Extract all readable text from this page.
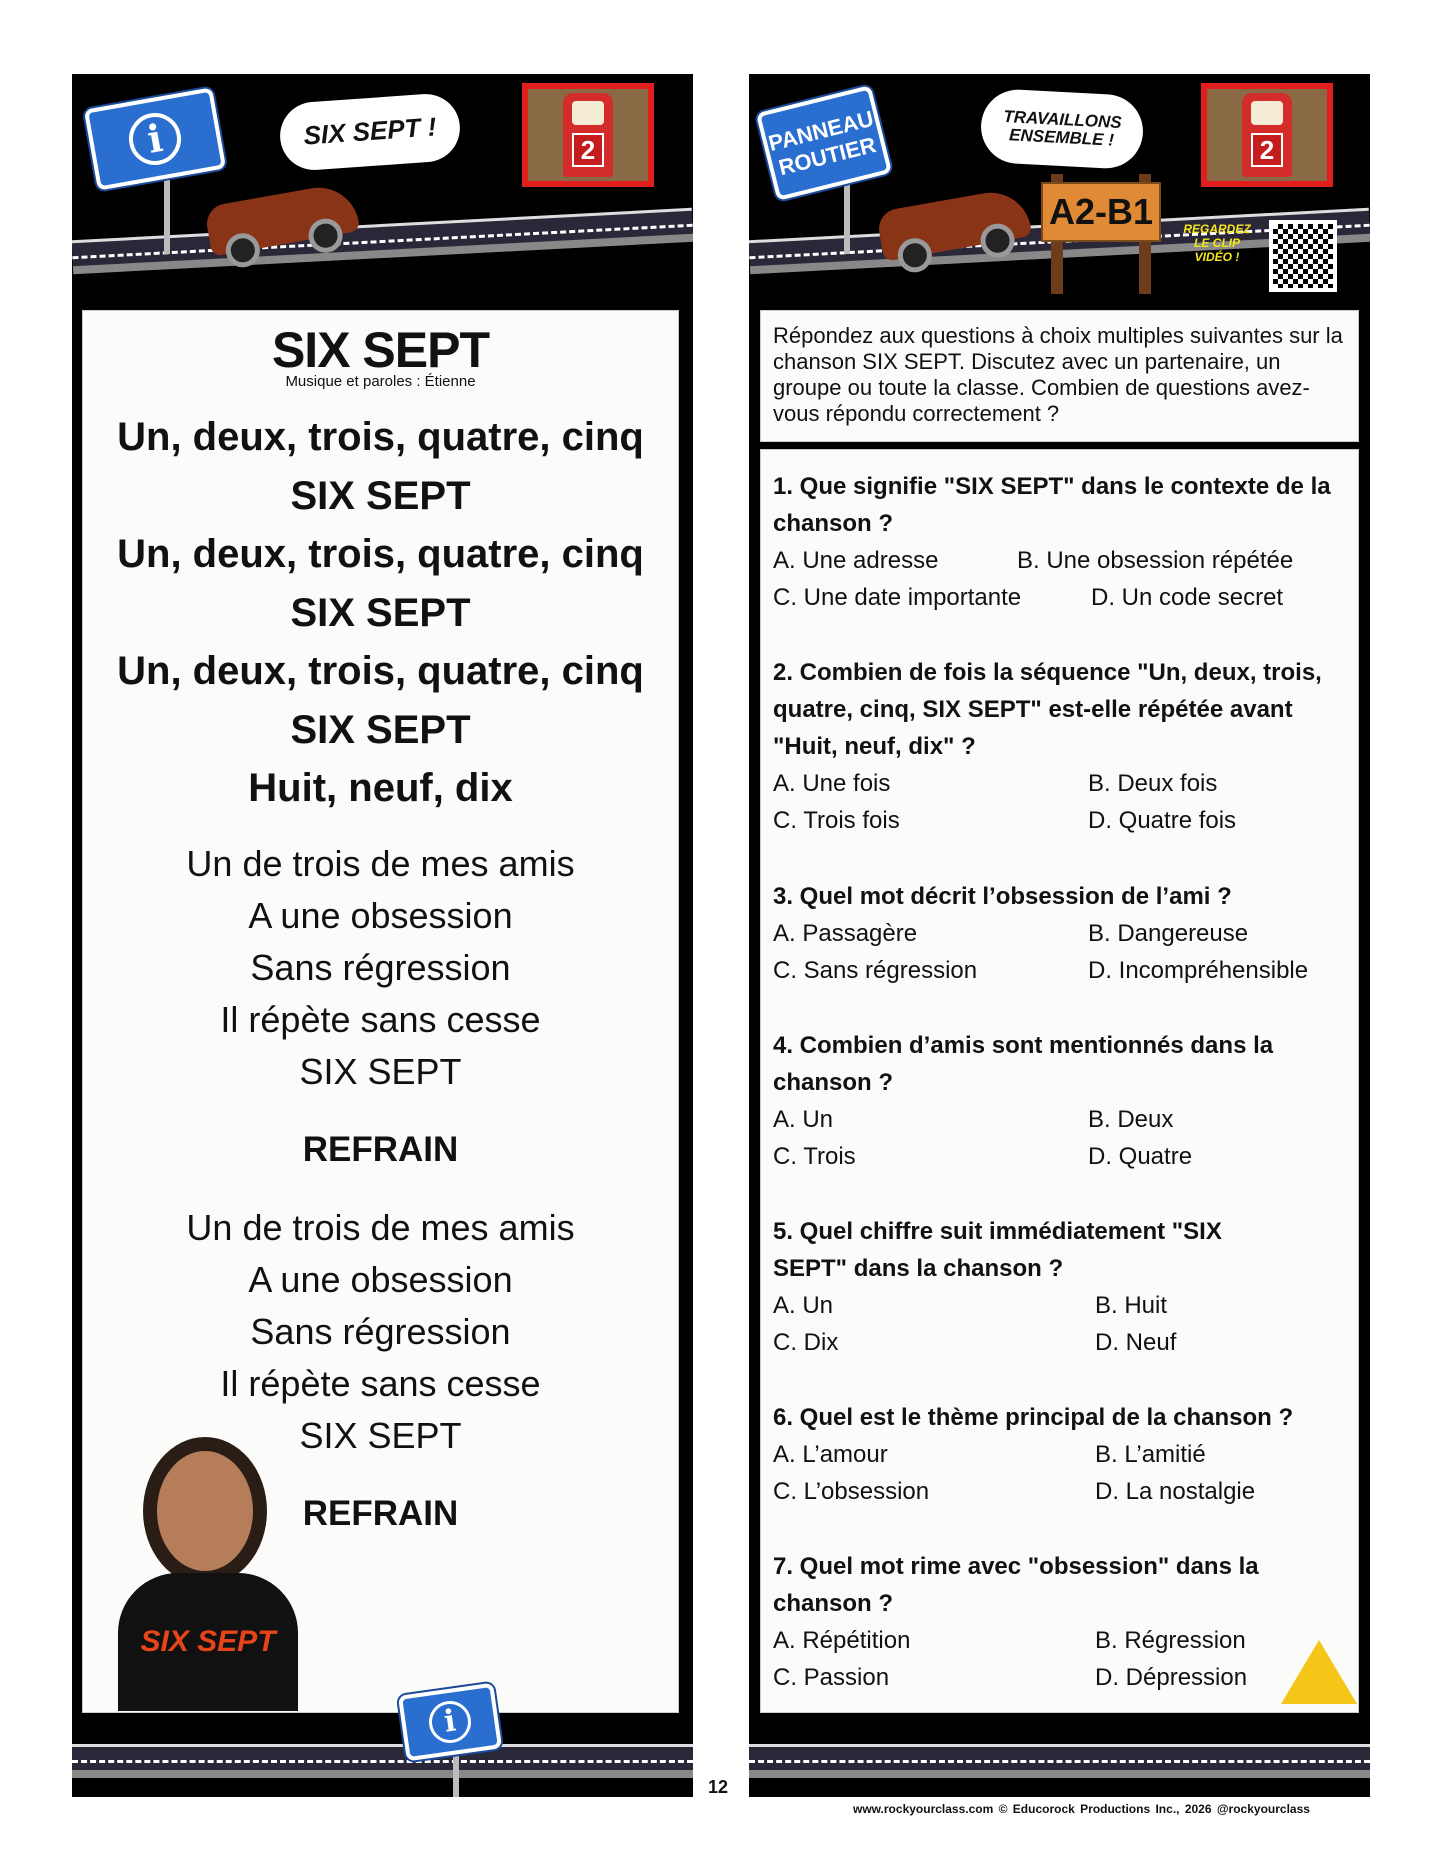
i	SIX SEPT !	2
SIX SEPT
Musique et paroles : Étienne
Un, deux, trois, quatre, cinq
SIX SEPT
Un, deux, trois, quatre, cinq
SIX SEPT
Un, deux, trois, quatre, cinq
SIX SEPT
Huit, neuf, dix
Un de trois de mes amis
A une obsession
Sans régression
Il répète sans cesse
SIX SEPT
REFRAIN
Un de trois de mes amis
A une obsession
Sans régression
Il répète sans cesse
SIX SEPT
REFRAIN
SIX SEPT
i
PANNEAU ROUTIER
TRAVAILLONS ENSEMBLE !
A2-B1
2
REGARDEZ LE CLIP VIDÉO !
Répondez aux questions à choix multiples suivantes sur la chanson SIX SEPT. Discutez avec un partenaire, un groupe ou toute la classe. Combien de questions avez-vous répondu correctement ?
1. Que signifie "SIX SEPT" dans le contexte de la chanson ?
A. Une adresse	B. Une obsession répétée
C. Une date importante	D. Un code secret
2. Combien de fois la séquence "Un, deux, trois, quatre, cinq, SIX SEPT" est-elle répétée avant "Huit, neuf, dix" ?
A. Une fois	B. Deux fois
C. Trois fois	D. Quatre fois
3. Quel mot décrit l’obsession de l’ami ?
A. Passagère	B. Dangereuse
C. Sans régression	D. Incompréhensible
4. Combien d’amis sont mentionnés dans la chanson ?
A. Un	B. Deux
C. Trois	D. Quatre
5. Quel chiffre suit immédiatement "SIX SEPT" dans la chanson ?
A. Un	B. Huit
C. Dix	D. Neuf
6. Quel est le thème principal de la chanson ?
A. L’amour	B. L’amitié
C. L’obsession	D. La nostalgie
7. Quel mot rime avec "obsession" dans la chanson ?
A. Répétition	B. Régression
C. Passion	D. Dépression
12
www.rockyourclass.com © Educorock Productions Inc., 2026 @rockyourclass
